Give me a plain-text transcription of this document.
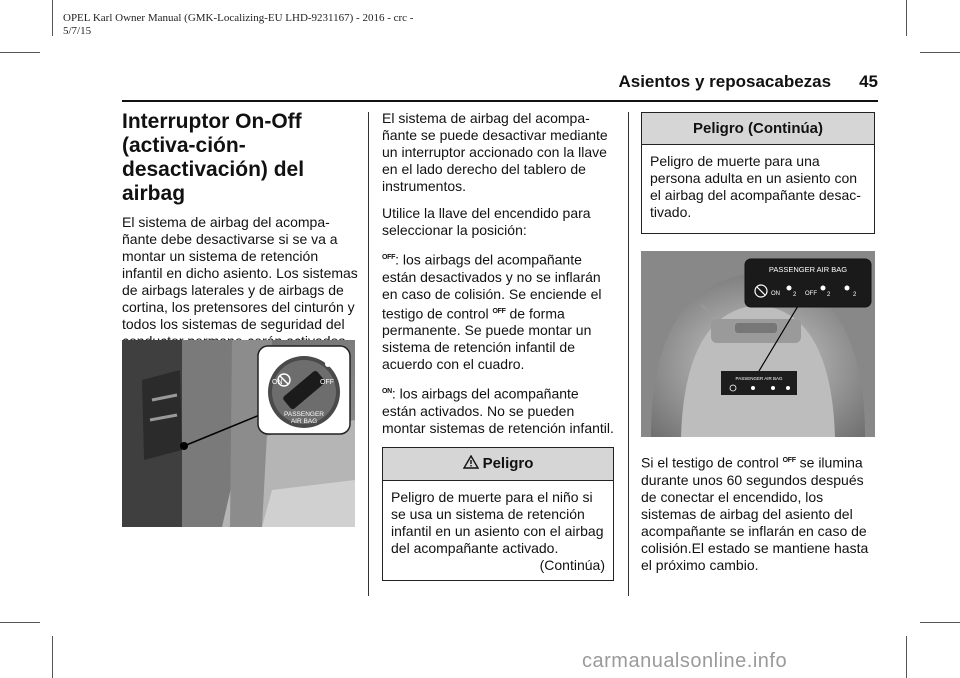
OPEL Karl Owner Manual (GMK-Localizing-EU LHD-9231167) - 2016 - crc -
5/7/15
Asientos y reposacabezas 45
Interruptor On-Off (activa-ción-desactivación) del airbag

El sistema de airbag del acompa-ñante debe desactivarse si se va a montar un sistema de retención infantil en dicho asiento. Los sistemas de airbags laterales y de airbags de cortina, los pretensores del cinturón y todos los sistemas de seguridad del

ON	OFF
PASSENGER
AIR BAG

El sistema de airbag del acompa-ñante se puede desactivar mediante un interruptor accionado con la llave en el lado derecho del tablero de instrumentos.

Utilice la llave del encendido para seleccionar la posición:

OFF: los airbags del acompañante están desactivados y no se inflarán en caso de colisión. Se enciende el testigo de control OFF de forma permanente. Se puede montar un sistema de retención infantil de acuerdo con el cuadro.

ON: los airbags del acompañante están activados. No se pueden montar sistemas de retención infantil.

Peligro
Peligro de muerte para el niño si se usa un sistema de retención infantil en un asiento con el airbag del acompañante activado.
(Continúa)
Peligro (Continúa)
Peligro de muerte para una persona adulta en un asiento con el airbag del acompañante desac-tivado.
PASSENGER AIR BAG
PASSENGER AIR BAG
ON 2 OFF 2	2

Si el testigo de control OFF se ilumina durante unos 60 segundos después de conectar el encendido, los sistemas de airbag del asiento del acompañante se inflarán en caso de colisión.El estado se mantiene hasta el próximo cambio.

carmanualsonline.info
